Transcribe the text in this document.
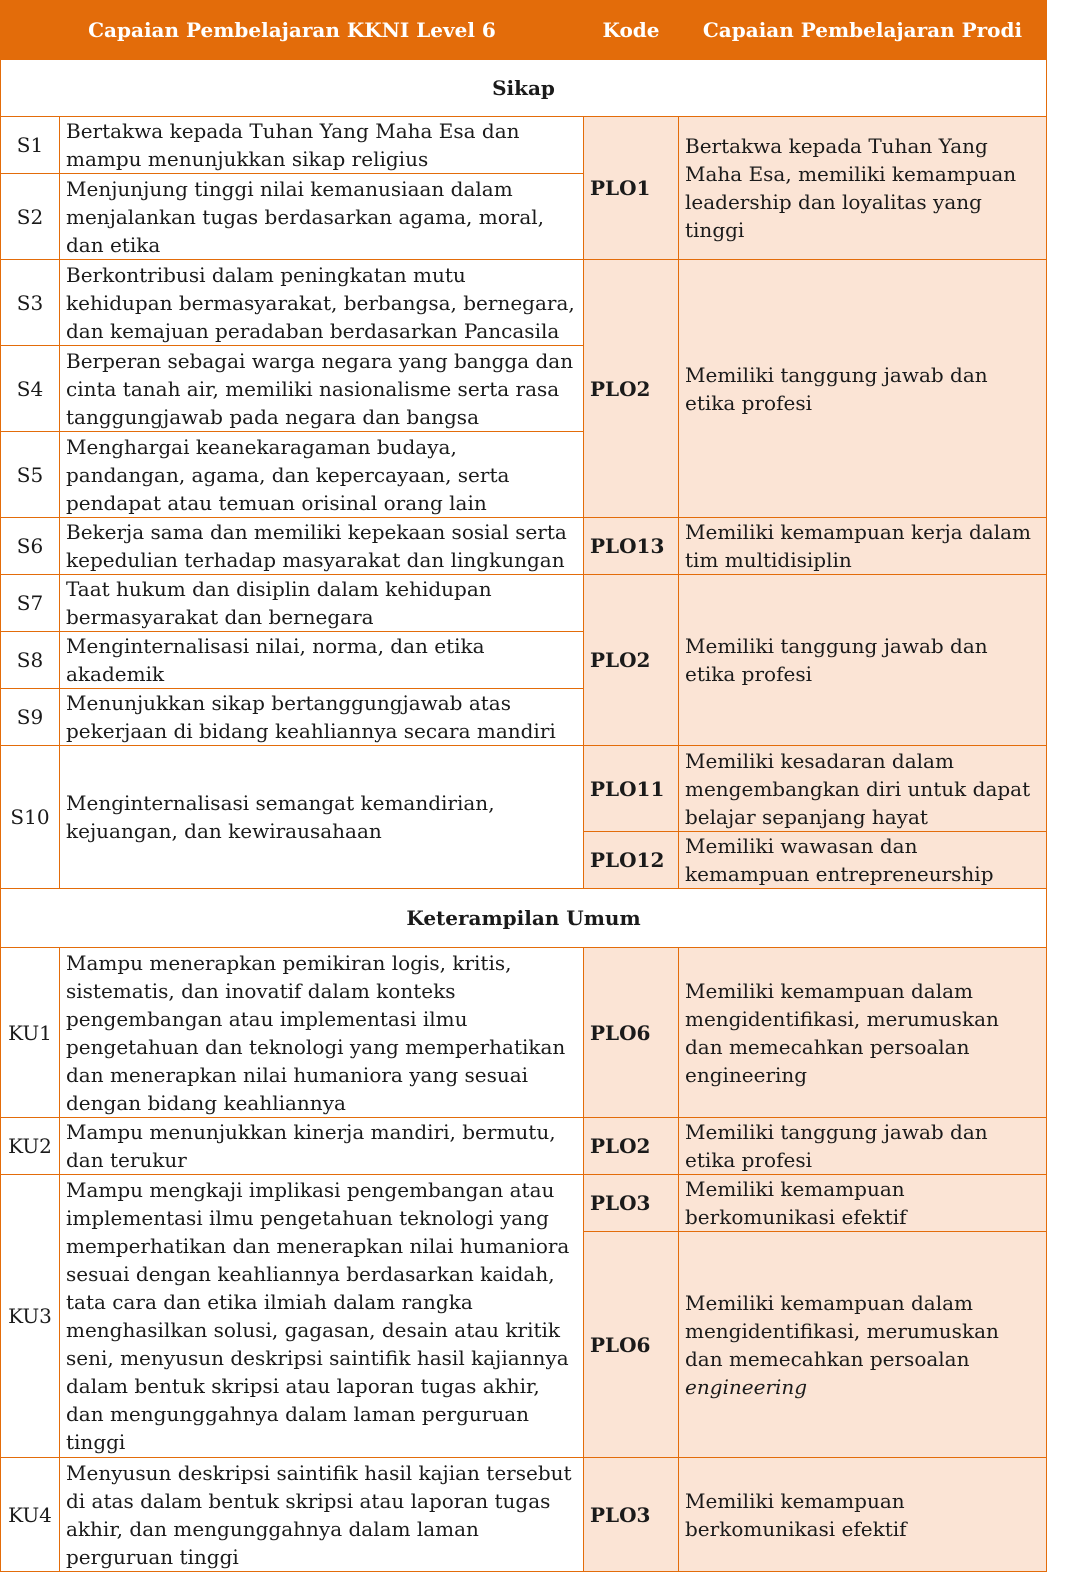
Capaian Pembelajaran KKNI Level 6		Kode	Capaian Pembelajaran Prodi
Sikap			
S1	Bertakwa kepada Tuhan Yang Maha Esa dan mampu menunjukkan sikap religius	PLO1	Bertakwa kepada Tuhan Yang Maha Esa, memiliki kemampuan leadership dan loyalitas yang tinggi
S2	Menjunjung tinggi nilai kemanusiaan dalam menjalankan tugas berdasarkan agama, moral, dan etika		
S3	Berkontribusi dalam peningkatan mutu kehidupan bermasyarakat, berbangsa, bernegara, dan kemajuan peradaban berdasarkan Pancasila	PLO2	Memiliki tanggung jawab dan etika profesi
S4	Berperan sebagai warga negara yang bangga dan cinta tanah air, memiliki nasionalisme serta rasa tanggungjawab pada negara dan bangsa		
S5	Menghargai keanekaragaman budaya, pandangan, agama, dan kepercayaan, serta pendapat atau temuan orisinal orang lain		
S6	Bekerja sama dan memiliki kepekaan sosial serta kepedulian terhadap masyarakat dan lingkungan	PLO13	Memiliki kemampuan kerja dalam tim multidisiplin
S7	Taat hukum dan disiplin dalam kehidupan bermasyarakat dan bernegara	PLO2	Memiliki tanggung jawab dan etika profesi
S8	Menginternalisasi nilai, norma, dan etika akademik		
S9	Menunjukkan sikap bertanggungjawab atas pekerjaan di bidang keahliannya secara mandiri		
S10	Menginternalisasi semangat kemandirian, kejuangan, dan kewirausahaan	PLO11	Memiliki kesadaran dalam mengembangkan diri untuk dapat belajar sepanjang hayat
		PLO12	Memiliki wawasan dan kemampuan entrepreneurship
Keterampilan Umum			
KU1	Mampu menerapkan pemikiran logis, kritis, sistematis, dan inovatif dalam konteks pengembangan atau implementasi ilmu pengetahuan dan teknologi yang memperhatikan dan menerapkan nilai humaniora yang sesuai dengan bidang keahliannya	PLO6	Memiliki kemampuan dalam mengidentifikasi, merumuskan dan memecahkan persoalan engineering
KU2	Mampu menunjukkan kinerja mandiri, bermutu, dan terukur	PLO2	Memiliki tanggung jawab dan etika profesi
KU3	Mampu mengkaji implikasi pengembangan atau implementasi ilmu pengetahuan teknologi yang memperhatikan dan menerapkan nilai humaniora sesuai dengan keahliannya berdasarkan kaidah, tata cara dan etika ilmiah dalam rangka menghasilkan solusi, gagasan, desain atau kritik seni, menyusun deskripsi saintifik hasil kajiannya dalam bentuk skripsi atau laporan tugas akhir, dan mengunggahnya dalam laman perguruan tinggi	PLO3	Memiliki kemampuan berkomunikasi efektif
		PLO6	Memiliki kemampuan dalam mengidentifikasi, merumuskan dan memecahkan persoalan engineering
KU4	Menyusun deskripsi saintifik hasil kajian tersebut di atas dalam bentuk skripsi atau laporan tugas akhir, dan mengunggahnya dalam laman perguruan tinggi	PLO3	Memiliki kemampuan berkomunikasi efektif
